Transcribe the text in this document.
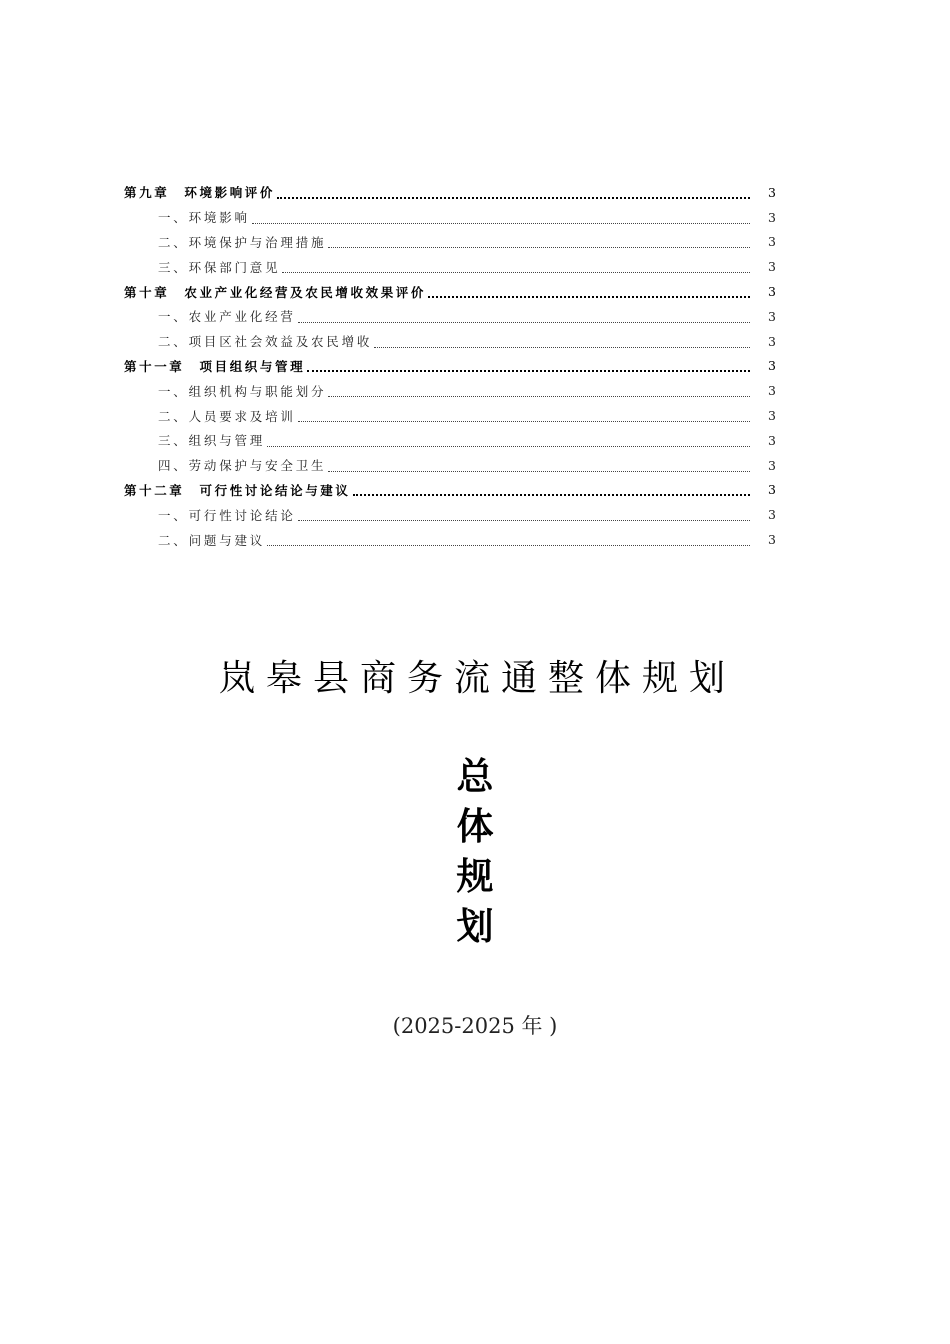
第九章　环境影响评价	3
一、环境影响	3
二、环境保护与治理措施	3
三、环保部门意见	3
第十章　农业产业化经营及农民增收效果评价	3
一、农业产业化经营	3
二、项目区社会效益及农民增收	3
第十一章　项目组织与管理	3
一、组织机构与职能划分	3
二、人员要求及培训	3
三、组织与管理	3
四、劳动保护与安全卫生	3
第十二章　可行性讨论结论与建议	3
一、可行性讨论结论	3
二、问题与建议	3
岚皋县商务流通整体规划
总
体
规
划
(2025-2025 年 )
